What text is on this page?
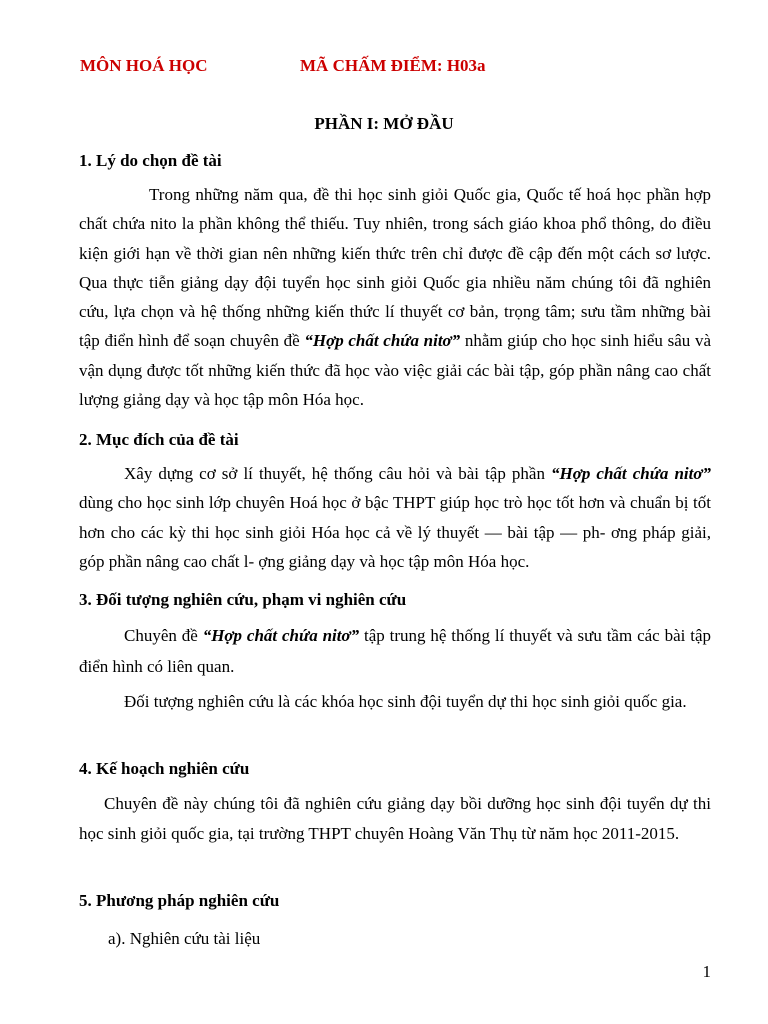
MÔN HOÁ HỌC	MÃ CHẤM ĐIỂM: H03a
PHẦN I: MỞ ĐẦU
1. Lý do chọn đề tài
Trong những năm qua, đề thi học sinh giỏi Quốc gia, Quốc tế hoá học phần hợp chất chứa nito la phần không thể thiếu. Tuy nhiên, trong sách giáo khoa phổ thông, do điều kiện giới hạn về thời gian nên những kiến thức trên chỉ được đề cập đến một cách sơ lược. Qua thực tiễn giảng dạy đội tuyển học sinh giỏi Quốc gia nhiều năm chúng tôi đã nghiên cứu, lựa chọn và hệ thống những kiến thức lí thuyết cơ bản, trọng tâm; sưu tầm những bài tập điển hình để soạn chuyên đề “Hợp chất chứa nitơ” nhằm giúp cho học sinh hiểu sâu và vận dụng được tốt những kiến thức đã học vào việc giải các bài tập, góp phần nâng cao chất lượng giảng dạy và học tập môn Hóa học.
2. Mục đích của đề tài
Xây dựng cơ sở lí thuyết, hệ thống câu hỏi và bài tập phần “Hợp chất chứa nitơ” dùng cho học sinh lớp chuyên Hoá học ở bậc THPT giúp học trò học tốt hơn và chuẩn bị tốt hơn cho các kỳ thi học sinh giỏi Hóa học cả về lý thuyết — bài tập — ph- ơng pháp giải, góp phần nâng cao chất l- ợng giảng dạy và học tập môn Hóa học.
3. Đối tượng nghiên cứu, phạm vi nghiên cứu
Chuyên đề “Hợp chất chứa nitơ” tập trung hệ thống lí thuyết và sưu tầm các bài tập điển hình có liên quan.
Đối tượng nghiên cứu là các khóa học sinh đội tuyển dự thi học sinh giỏi quốc gia.
4. Kế hoạch nghiên cứu
Chuyên đề này chúng tôi đã nghiên cứu giảng dạy bồi dưỡng học sinh đội tuyển dự thi học sinh giỏi quốc gia, tại trường THPT chuyên Hoàng Văn Thụ từ năm học 2011-2015.
5. Phương pháp nghiên cứu
a). Nghiên cứu tài liệu
1
